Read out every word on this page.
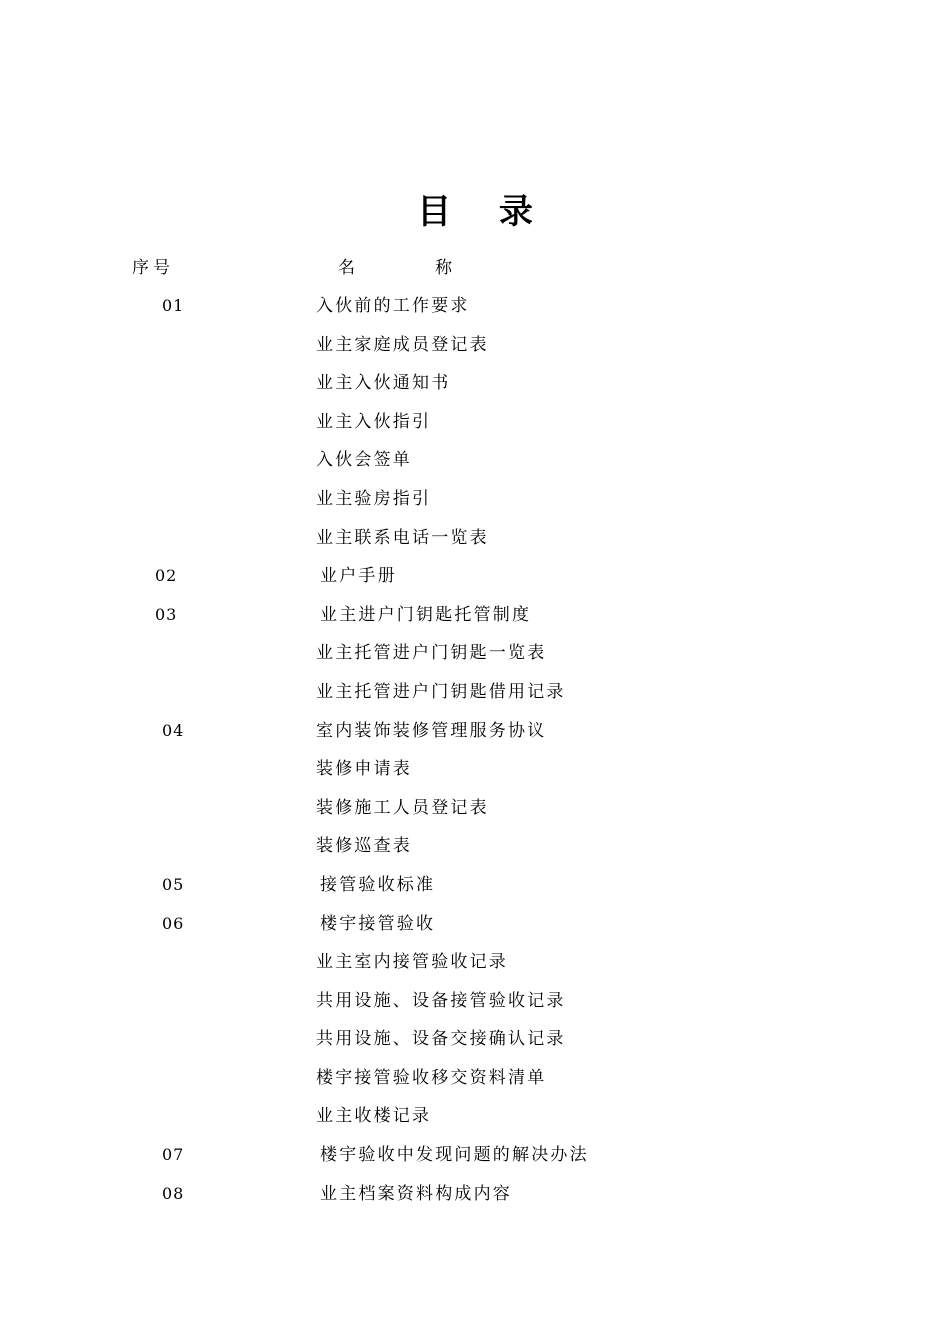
目 录
序号	名	称
01	入伙前的工作要求
业主家庭成员登记表
业主入伙通知书
业主入伙指引
入伙会签单
业主验房指引
业主联系电话一览表
02	业户手册
03	业主进户门钥匙托管制度
业主托管进户门钥匙一览表
业主托管进户门钥匙借用记录
04	室内装饰装修管理服务协议
装修申请表
装修施工人员登记表
装修巡查表
05	接管验收标准
06	楼宇接管验收
业主室内接管验收记录
共用设施、设备接管验收记录
共用设施、设备交接确认记录
楼宇接管验收移交资料清单
业主收楼记录
07	楼宇验收中发现问题的解决办法
08	业主档案资料构成内容
